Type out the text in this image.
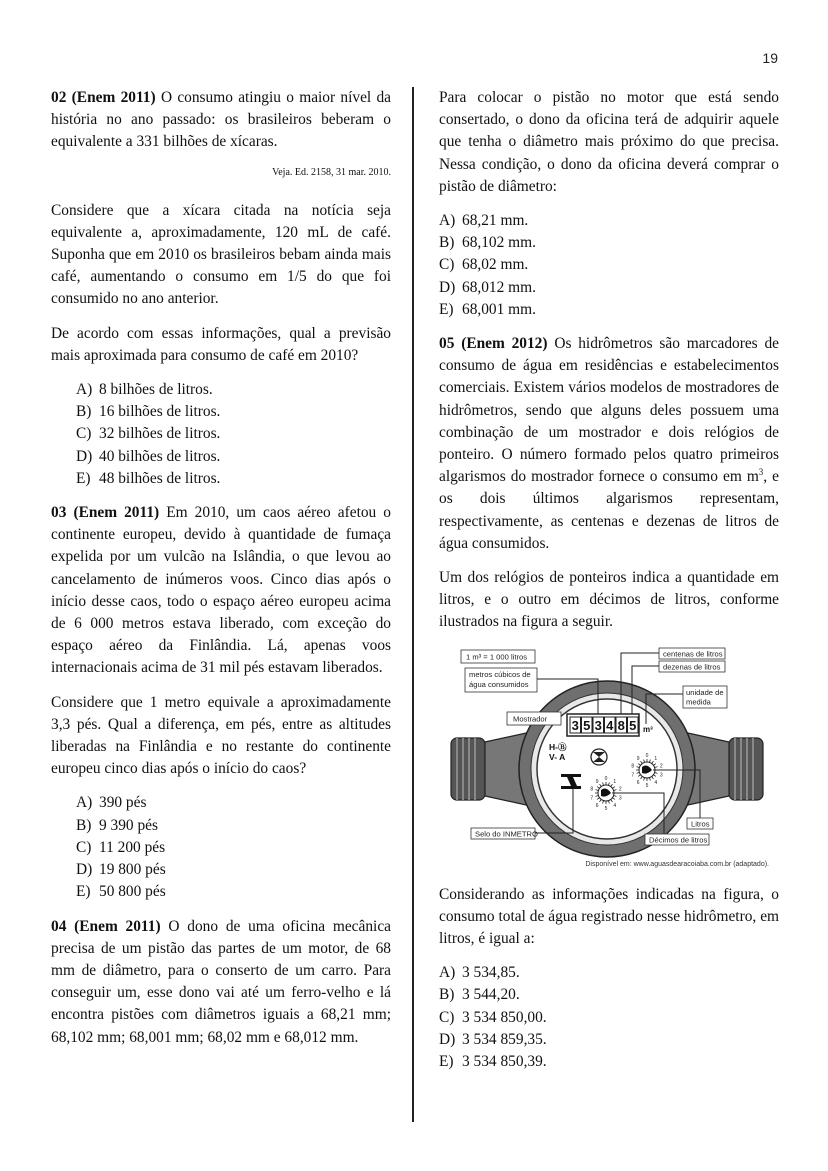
19

02 (Enem 2011) O consumo atingiu o maior nível da história no ano passado: os brasileiros beberam o equivalente a 331 bilhões de xícaras.

Veja. Ed. 2158, 31 mar. 2010.

Considere que a xícara citada na notícia seja equivalente a, aproximadamente, 120 mL de café. Suponha que em 2010 os brasileiros bebam ainda mais café, aumentando o consumo em 1/5 do que foi consumido no ano anterior.

De acordo com essas informações, qual a previsão mais aproximada para consumo de café em 2010?

A) 8 bilhões de litros.
B) 16 bilhões de litros.
C) 32 bilhões de litros.
D) 40 bilhões de litros.
E) 48 bilhões de litros.

03 (Enem 2011) Em 2010, um caos aéreo afetou o continente europeu, devido à quantidade de fumaça expelida por um vulcão na Islândia, o que levou ao cancelamento de inúmeros voos. Cinco dias após o início desse caos, todo o espaço aéreo europeu acima de 6 000 metros estava liberado, com exceção do espaço aéreo da Finlândia. Lá, apenas voos internacionais acima de 31 mil pés estavam liberados.

Considere que 1 metro equivale a aproximadamente 3,3 pés. Qual a diferença, em pés, entre as altitudes liberadas na Finlândia e no restante do continente europeu cinco dias após o início do caos?

A) 390 pés
B) 9 390 pés
C) 11 200 pés
D) 19 800 pés
E) 50 800 pés

04 (Enem 2011) O dono de uma oficina mecânica precisa de um pistão das partes de um motor, de 68 mm de diâmetro, para o conserto de um carro. Para conseguir um, esse dono vai até um ferro-velho e lá encontra pistões com diâmetros iguais a 68,21 mm; 68,102 mm; 68,001 mm; 68,02 mm e 68,012 mm.

Para colocar o pistão no motor que está sendo consertado, o dono da oficina terá de adquirir aquele que tenha o diâmetro mais próximo do que precisa. Nessa condição, o dono da oficina deverá comprar o pistão de diâmetro:

A) 68,21 mm.
B) 68,102 mm.
C) 68,02 mm.
D) 68,012 mm.
E) 68,001 mm.

05 (Enem 2012) Os hidrômetros são marcadores de consumo de água em residências e estabelecimentos comerciais. Existem vários modelos de mostradores de hidrômetros, sendo que alguns deles possuem uma combinação de um mostrador e dois relógios de ponteiro. O número formado pelos quatro primeiros algarismos do mostrador fornece o consumo em $m^3$, e os dois últimos algarismos representam, respectivamente, as centenas e dezenas de litros de água consumidos.

Um dos relógios de ponteiros indica a quantidade em litros, e o outro em décimos de litros, conforme ilustrados na figura a seguir.

3 5 3 4 8 5 m³
H-Ⓑ
V- A
0 1
2
3
4
5
6
7
8
9
0 1
2
3
4
5
6
7
8
9
1 m³ = 1 000 litros
metros cúbicos de
água consumidos
Mostrador
centenas de litros
dezenas de litros
unidade de
medida
Selo do INMETRO
Litros
Décimos de litros
Disponível em: www.aguasdearacoiaba.com.br (adaptado).

Considerando as informações indicadas na figura, o consumo total de água registrado nesse hidrômetro, em litros, é igual a:

A) 3 534,85.
B) 3 544,20.
C) 3 534 850,00.
D) 3 534 859,35.
E) 3 534 850,39.
